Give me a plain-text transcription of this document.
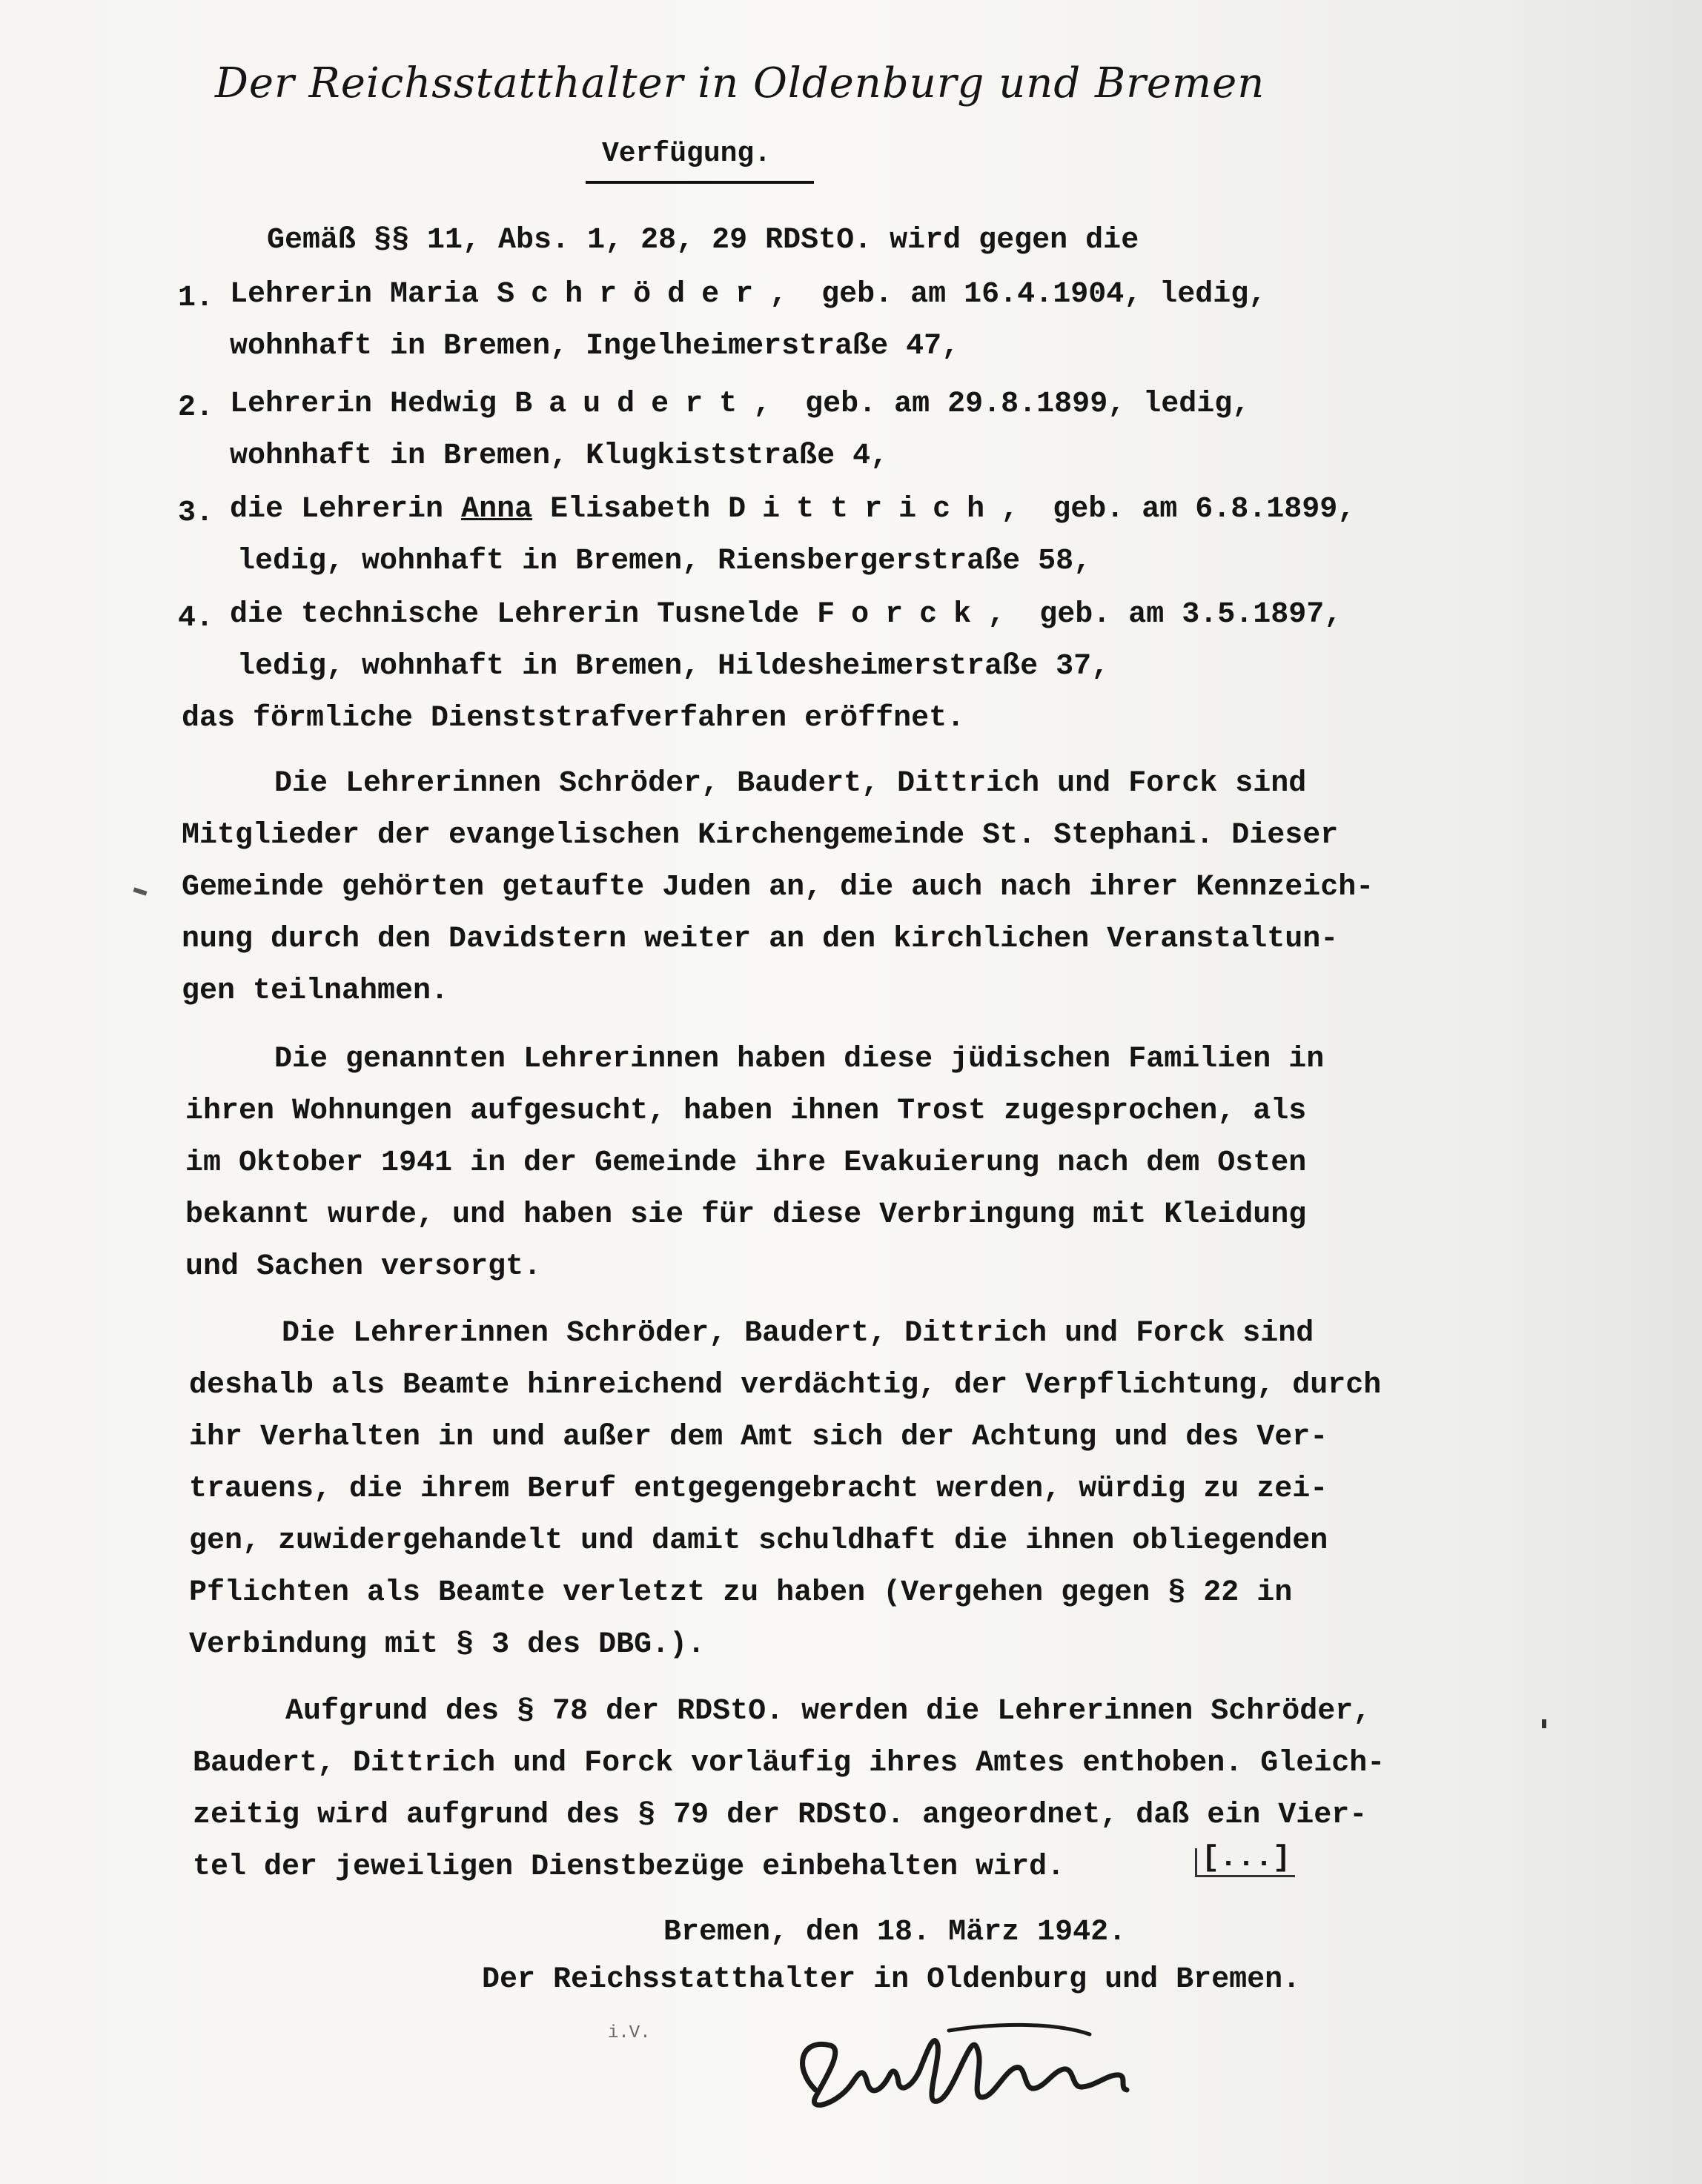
Der Reichsstatthalter in Oldenburg und Bremen
Verfügung.
Gemäß §§ 11, Abs. 1, 28, 29 RDStO. wird gegen die
1. Lehrerin Maria Schröder, geb. am 16.4.1904, ledig,
wohnhaft in Bremen, Ingelheimerstraße 47,
2. Lehrerin Hedwig Baudert, geb. am 29.8.1899, ledig,
wohnhaft in Bremen, Klugkiststraße 4,
3. die Lehrerin Anna Elisabeth Dittrich, geb. am 6.8.1899,
ledig, wohnhaft in Bremen, Riensbergerstraße 58,
4. die technische Lehrerin Tusnelde Forck, geb. am 3.5.1897,
ledig, wohnhaft in Bremen, Hildesheimerstraße 37,
das förmliche Dienststrafverfahren eröffnet.
Die Lehrerinnen Schröder, Baudert, Dittrich und Forck sind
Mitglieder der evangelischen Kirchengemeinde St. Stephani. Dieser
Gemeinde gehörten getaufte Juden an, die auch nach ihrer Kennzeich-
nung durch den Davidstern weiter an den kirchlichen Veranstaltun-
gen teilnahmen.
Die genannten Lehrerinnen haben diese jüdischen Familien in
ihren Wohnungen aufgesucht, haben ihnen Trost zugesprochen, als
im Oktober 1941 in der Gemeinde ihre Evakuierung nach dem Osten
bekannt wurde, und haben sie für diese Verbringung mit Kleidung
und Sachen versorgt.
Die Lehrerinnen Schröder, Baudert, Dittrich und Forck sind
deshalb als Beamte hinreichend verdächtig, der Verpflichtung, durch
ihr Verhalten in und außer dem Amt sich der Achtung und des Ver-
trauens, die ihrem Beruf entgegengebracht werden, würdig zu zei-
gen, zuwidergehandelt und damit schuldhaft die ihnen obliegenden
Pflichten als Beamte verletzt zu haben (Vergehen gegen § 22 in
Verbindung mit § 3 des DBG.).
Aufgrund des § 78 der RDStO. werden die Lehrerinnen Schröder,
Baudert, Dittrich und Forck vorläufig ihres Amtes enthoben. Gleich-
zeitig wird aufgrund des § 79 der RDStO. angeordnet, daß ein Vier-
tel der jeweiligen Dienstbezüge einbehalten wird.	[...]
Bremen, den 18. März 1942.
Der Reichsstatthalter in Oldenburg und Bremen.
i.V.
